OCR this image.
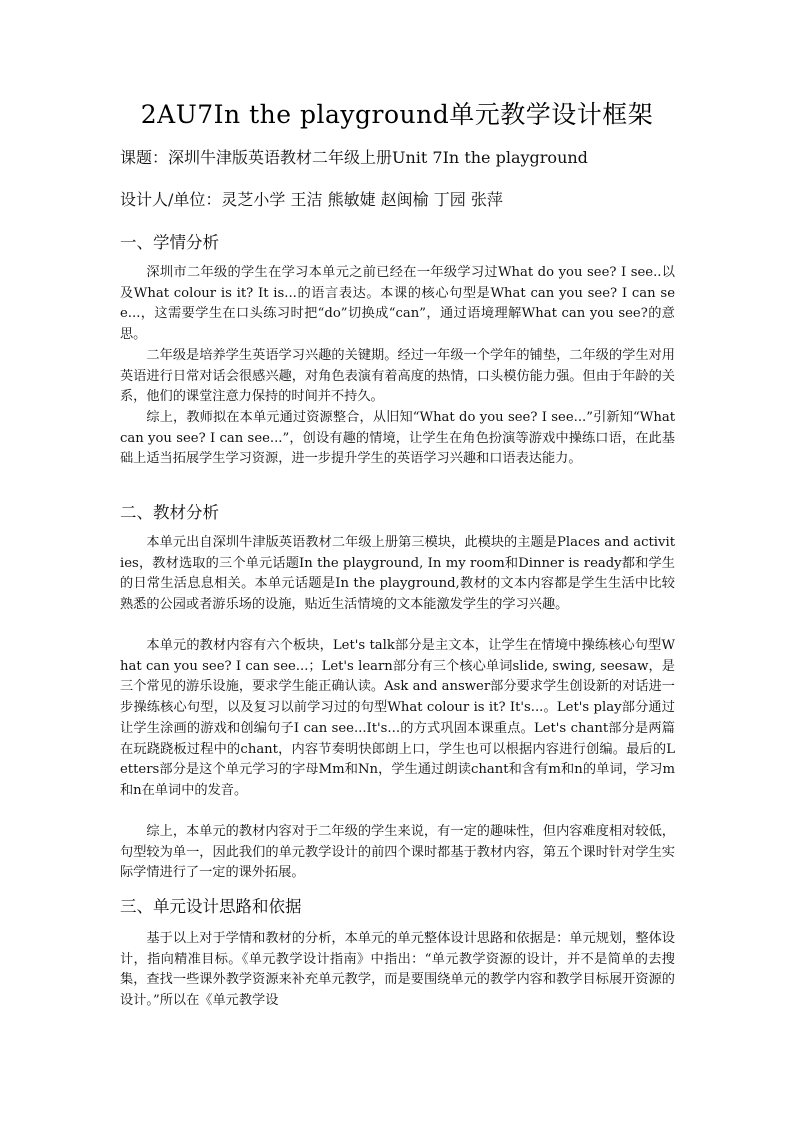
2AU7In the playground单元教学设计框架
课题：深圳牛津版英语教材二年级上册Unit 7In the playground
设计人/单位：灵芝小学 王洁 熊敏婕 赵闽榆 丁园 张萍
一、学情分析

深圳市二年级的学生在学习本单元之前已经在一年级学习过What do you see? I see..以及What colour is it? It is...的语言表达。本课的核心句型是What can you see? I can see...，这需要学生在口头练习时把“do”切换成“can”，通过语境理解What can you see?的意思。

二年级是培养学生英语学习兴趣的关键期。经过一年级一个学年的铺垫，二年级的学生对用英语进行日常对话会很感兴趣，对角色表演有着高度的热情，口头模仿能力强。但由于年龄的关系，他们的课堂注意力保持的时间并不持久。

综上，教师拟在本单元通过资源整合，从旧知“What do you see? I see...”引新知“What can you see? I can see...”，创设有趣的情境，让学生在角色扮演等游戏中操练口语，在此基础上适当拓展学生学习资源，进一步提升学生的英语学习兴趣和口语表达能力。

二、教材分析

本单元出自深圳牛津版英语教材二年级上册第三模块，此模块的主题是Places and activities，教材选取的三个单元话题In the playground, In my room和Dinner is ready都和学生的日常生活息息相关。本单元话题是In the playground,教材的文本内容都是学生生活中比较熟悉的公园或者游乐场的设施，贴近生活情境的文本能激发学生的学习兴趣。

本单元的教材内容有六个板块，Let's talk部分是主文本，让学生在情境中操练核心句型What can you see? I can see...；Let's learn部分有三个核心单词slide, swing, seesaw，是三个常见的游乐设施，要求学生能正确认读。Ask and answer部分要求学生创设新的对话进一步操练核心句型，以及复习以前学习过的句型What colour is it? It's...。Let's play部分通过让学生涂画的游戏和创编句子I can see...It's...的方式巩固本课重点。Let's chant部分是两篇在玩跷跷板过程中的chant，内容节奏明快郎朗上口，学生也可以根据内容进行创编。最后的Letters部分是这个单元学习的字母Mm和Nn，学生通过朗读chant和含有m和n的单词，学习m和n在单词中的发音。

综上，本单元的教材内容对于二年级的学生来说，有一定的趣味性，但内容难度相对较低，句型较为单一，因此我们的单元教学设计的前四个课时都基于教材内容，第五个课时针对学生实际学情进行了一定的课外拓展。

三、单元设计思路和依据

基于以上对于学情和教材的分析，本单元的单元整体设计思路和依据是：单元规划，整体设计，指向精准目标。《单元教学设计指南》中指出：“单元教学资源的设计，并不是简单的去搜集，查找一些课外教学资源来补充单元教学，而是要围绕单元的教学内容和教学目标展开资源的设计。”所以在《单元教学设
